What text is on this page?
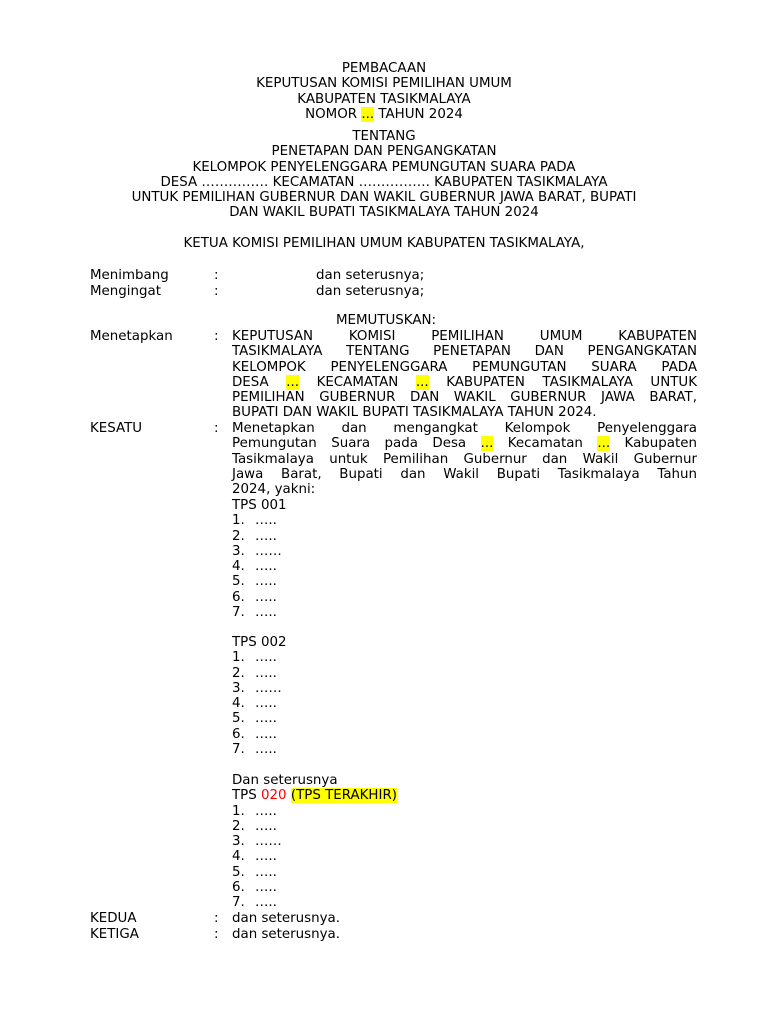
PEMBACAAN
KEPUTUSAN KOMISI PEMILIHAN UMUM
KABUPATEN TASIKMALAYA
NOMOR ... TAHUN 2024
TENTANG
PENETAPAN DAN PENGANGKATAN
KELOMPOK PENYELENGGARA PEMUNGUTAN SUARA PADA
DESA …………… KECAMATAN ……………. KABUPATEN TASIKMALAYA
UNTUK PEMILIHAN GUBERNUR DAN WAKIL GUBERNUR JAWA BARAT, BUPATI
DAN WAKIL BUPATI TASIKMALAYA TAHUN 2024
KETUA KOMISI PEMILIHAN UMUM KABUPATEN TASIKMALAYA,
Menimbang	:	dan seterusnya;
Mengingat	:	dan seterusnya;
MEMUTUSKAN:
Menetapkan	: KEPUTUSAN KOMISI PEMILIHAN UMUM KABUPATEN
TASIKMALAYA TENTANG PENETAPAN DAN PENGANGKATAN
KELOMPOK PENYELENGGARA PEMUNGUTAN SUARA PADA
DESA ... KECAMATAN ... KABUPATEN TASIKMALAYA UNTUK
PEMILIHAN GUBERNUR DAN WAKIL GUBERNUR JAWA BARAT,
BUPATI DAN WAKIL BUPATI TASIKMALAYA TAHUN 2024.
KESATU	: Menetapkan dan mengangkat Kelompok Penyelenggara
Pemungutan Suara pada Desa ... Kecamatan ... Kabupaten
Tasikmalaya untuk Pemilihan Gubernur dan Wakil Gubernur
Jawa Barat, Bupati dan Wakil Bupati Tasikmalaya Tahun
2024, yakni:
TPS 001
1. …..
2. …..
3. ……
4. …..
5. …..
6. …..
7. …..
TPS 002
1. …..
2. …..
3. ……
4. …..
5. …..
6. …..
7. …..
Dan seterusnya
TPS 020 (TPS TERAKHIR)
1. …..
2. …..
3. ……
4. …..
5. …..
6. …..
7. …..
KEDUA	: dan seterusnya.
KETIGA	: dan seterusnya.
